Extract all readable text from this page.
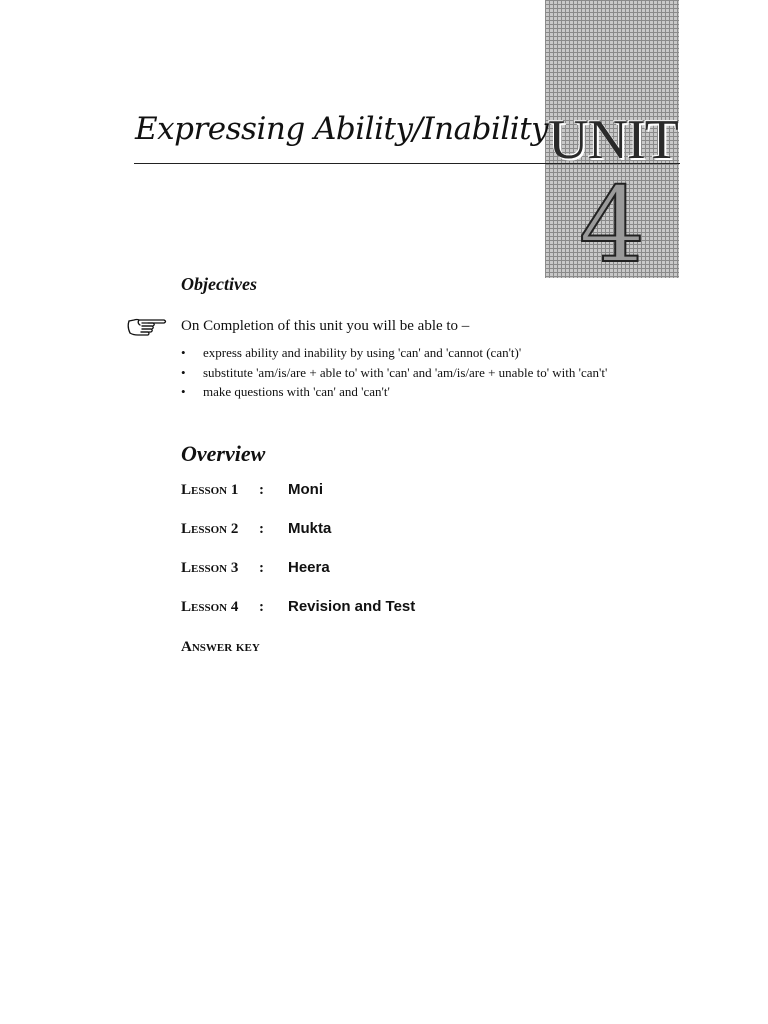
UNIT
4
Expressing Ability/Inability
Objectives
On Completion of this unit you will be able to –
• express ability and inability by using 'can' and 'cannot (can't)'
• substitute 'am/is/are + able to' with 'can' and 'am/is/are + unable to' with 'can't'
• make questions with 'can' and 'can't'
Overview
Lesson 1 : Moni
Lesson 2 : Mukta
Lesson 3 : Heera
Lesson 4 : Revision and Test
Answer key
